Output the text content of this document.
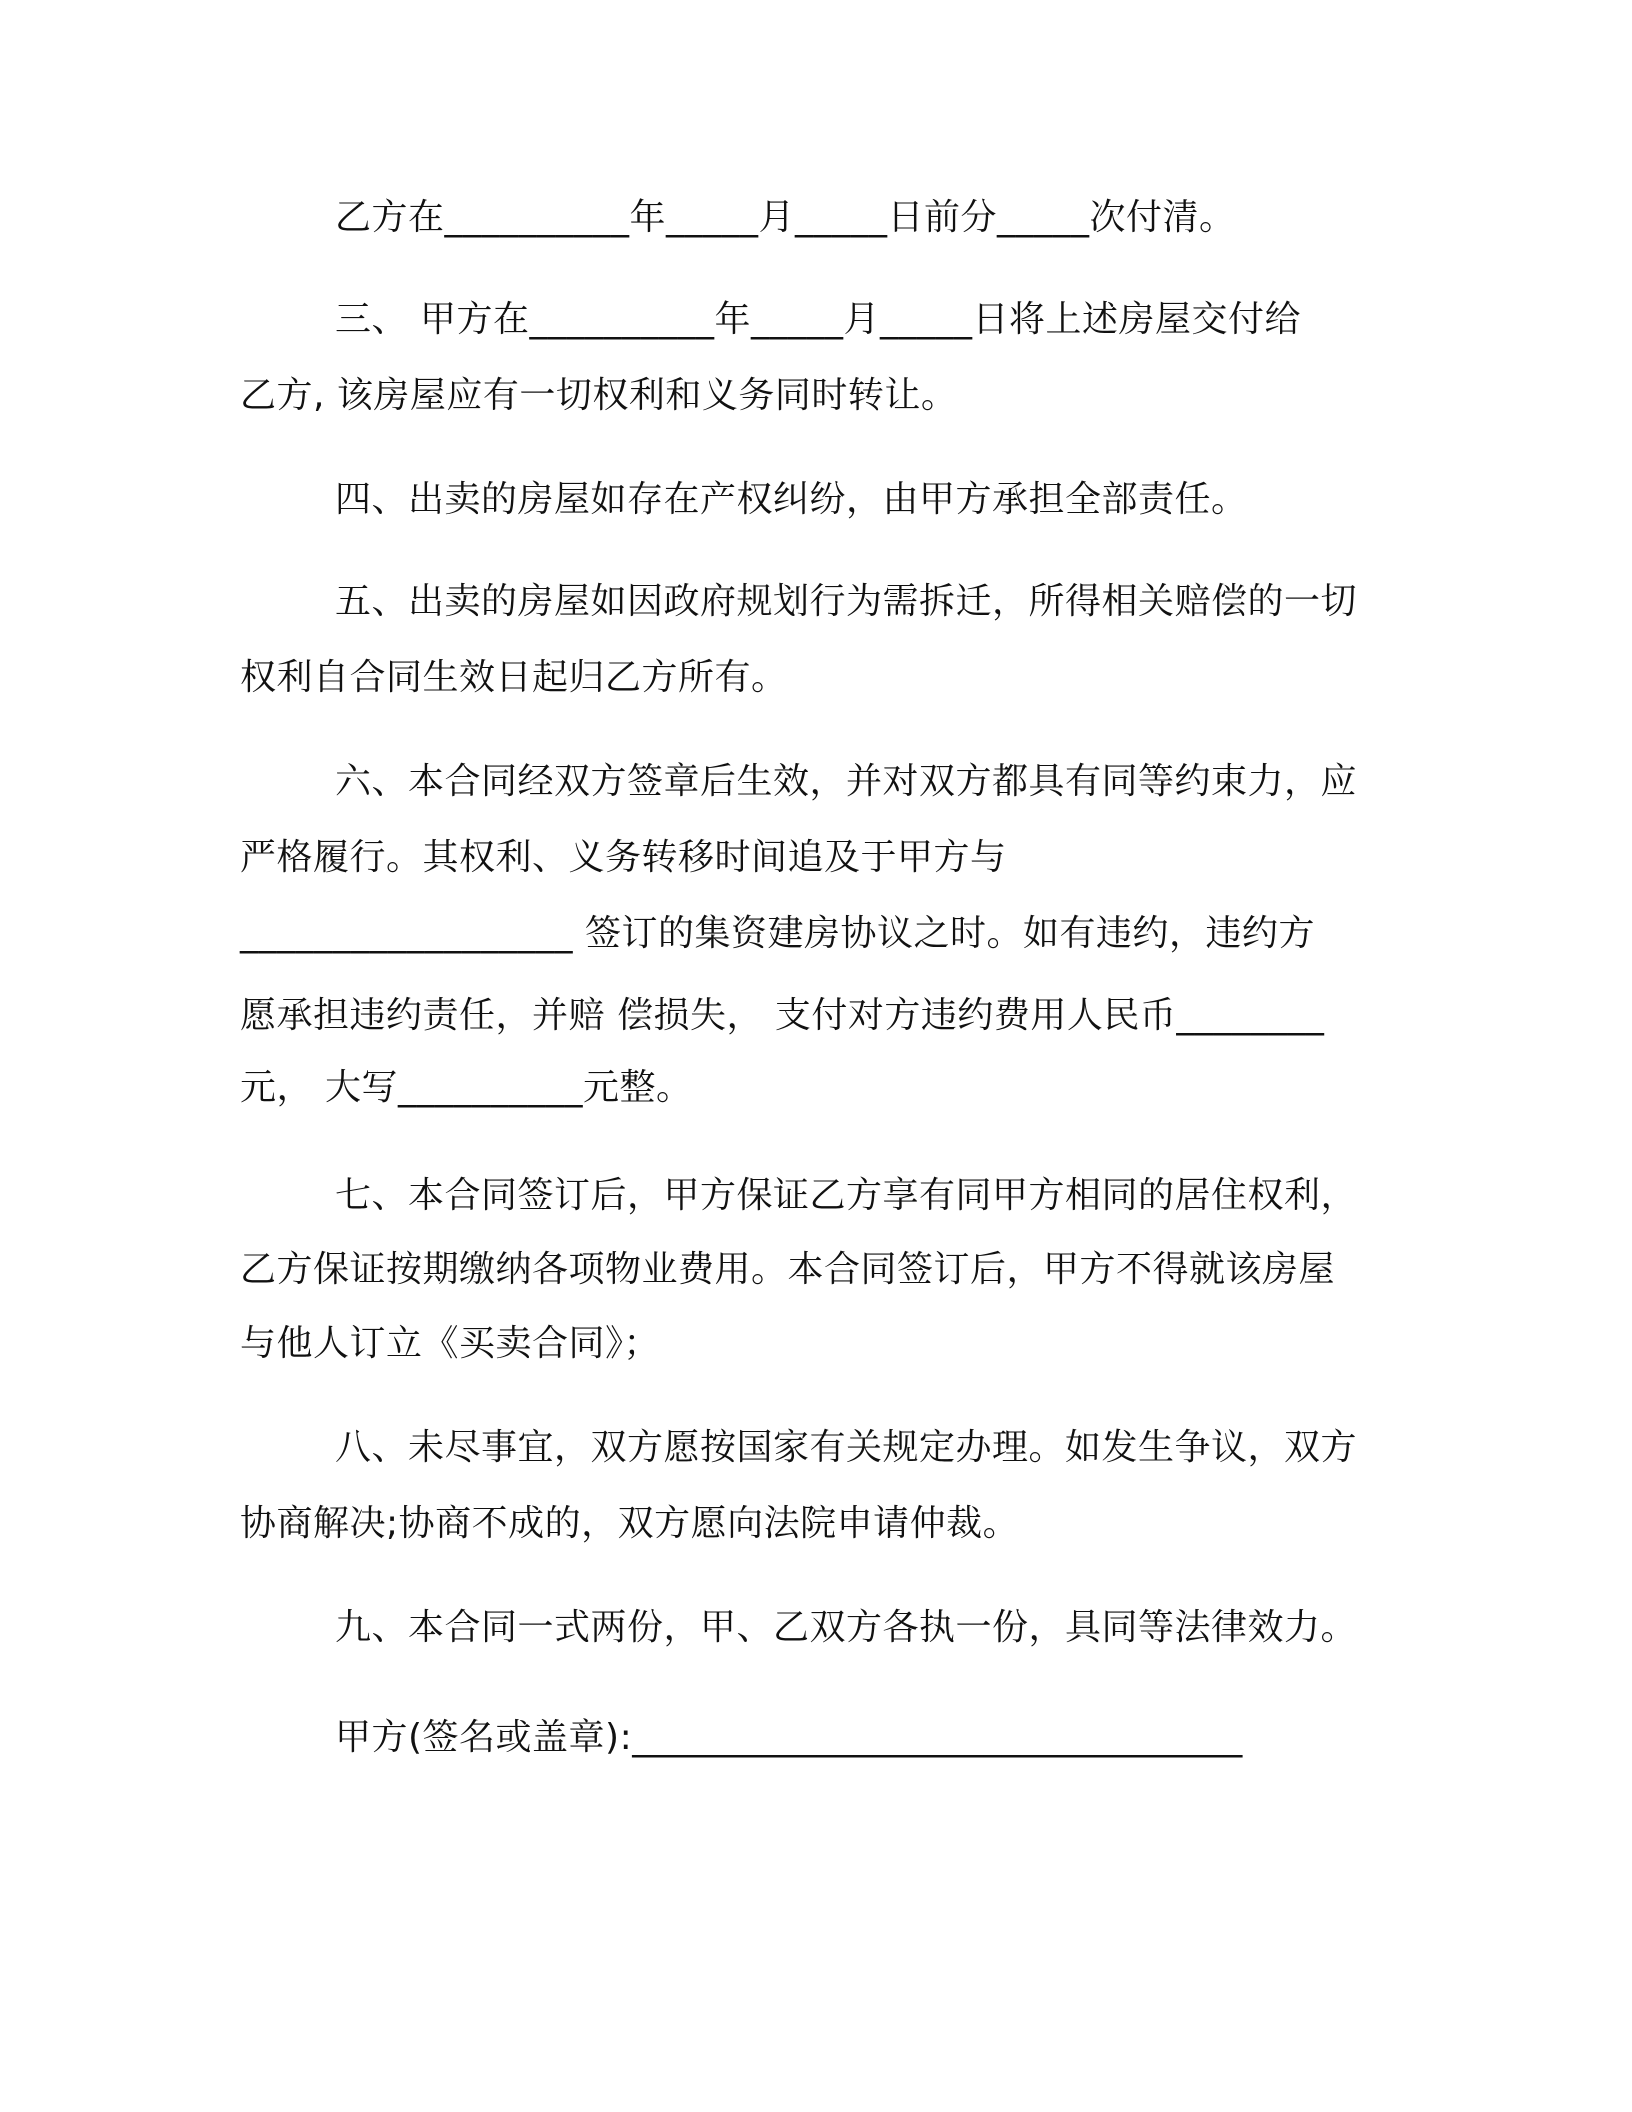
乙方在__________年_____月_____日前分_____次付清。
三、 甲方在__________年_____月_____日将上述房屋交付给
乙方, 该房屋应有一切权利和义务同时转让。
四、出卖的房屋如存在产权纠纷，由甲方承担全部责任。
五、出卖的房屋如因政府规划行为需拆迁，所得相关赔偿的一切
权利自合同生效日起归乙方所有。
六、本合同经双方签章后生效，并对双方都具有同等约束力，应
严格履行。其权利、义务转移时间追及于甲方与
__________________ 签订的集资建房协议之时。如有违约，违约方
愿承担违约责任，并赔 偿损失， 支付对方违约费用人民币________
元， 大写__________元整。
七、本合同签订后，甲方保证乙方享有同甲方相同的居住权利，
乙方保证按期缴纳各项物业费用。本合同签订后，甲方不得就该房屋
与他人订立《买卖合同》；
八、未尽事宜，双方愿按国家有关规定办理。如发生争议，双方
协商解决;协商不成的，双方愿向法院申请仲裁。
九、本合同一式两份，甲、乙双方各执一份，具同等法律效力。
甲方(签名或盖章):_________________________________
